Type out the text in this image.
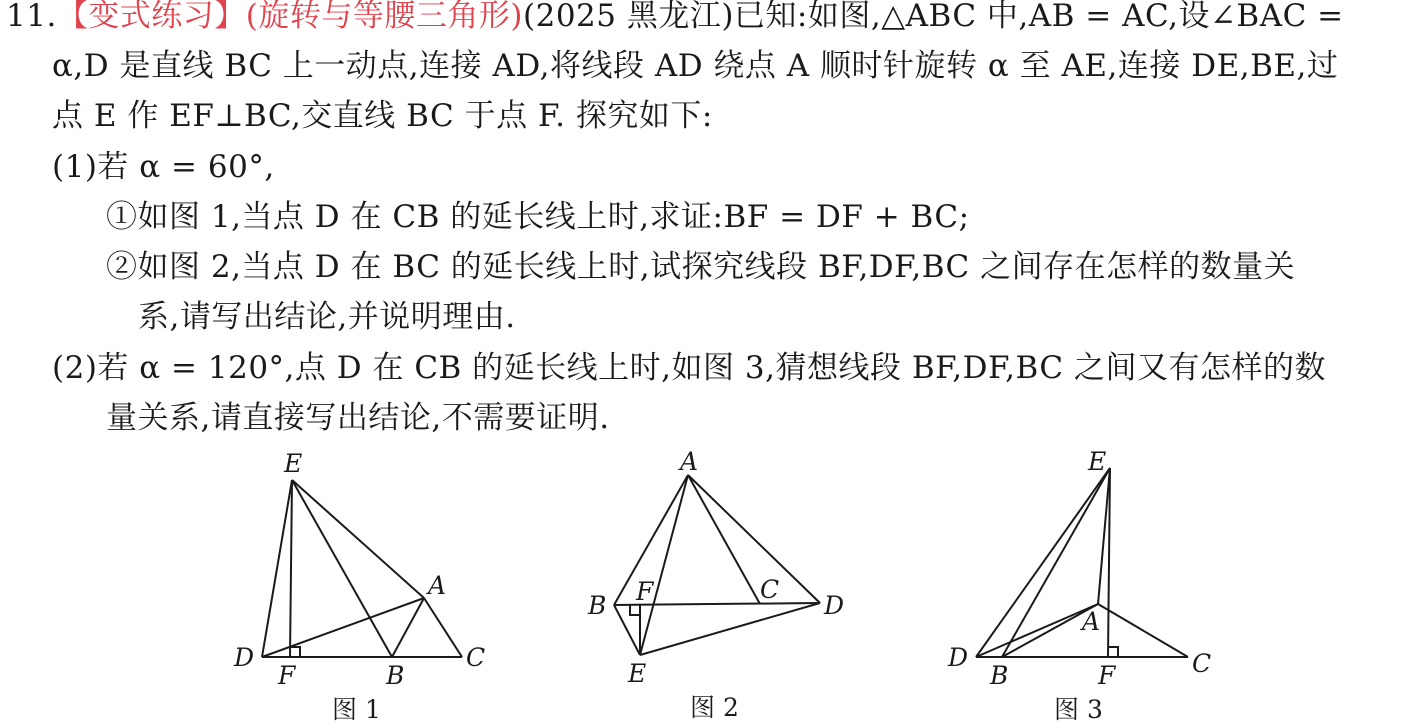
11.【变式练习】(旋转与等腰三角形)(2025 黑龙江)已知:如图,△ABC 中,AB = AC,设∠BAC =
α,D 是直线 BC 上一动点,连接 AD,将线段 AD 绕点 A 顺时针旋转 α 至 AE,连接 DE,BE,过
点 E 作 EF⊥BC,交直线 BC 于点 F. 探究如下:
(1)若 α = 60°,
①如图 1,当点 D 在 CB 的延长线上时,求证:BF = DF + BC;
②如图 2,当点 D 在 BC 的延长线上时,试探究线段 BF,DF,BC 之间存在怎样的数量关
系,请写出结论,并说明理由.
(2)若 α = 120°,点 D 在 CB 的延长线上时,如图 3,猜想线段 BF,DF,BC 之间又有怎样的数
量关系,请直接写出结论,不需要证明.
E
A
D
F	B
C
图 1
A
B F	C
D
E
图 2
E
A
D
B	F	C
图 3
